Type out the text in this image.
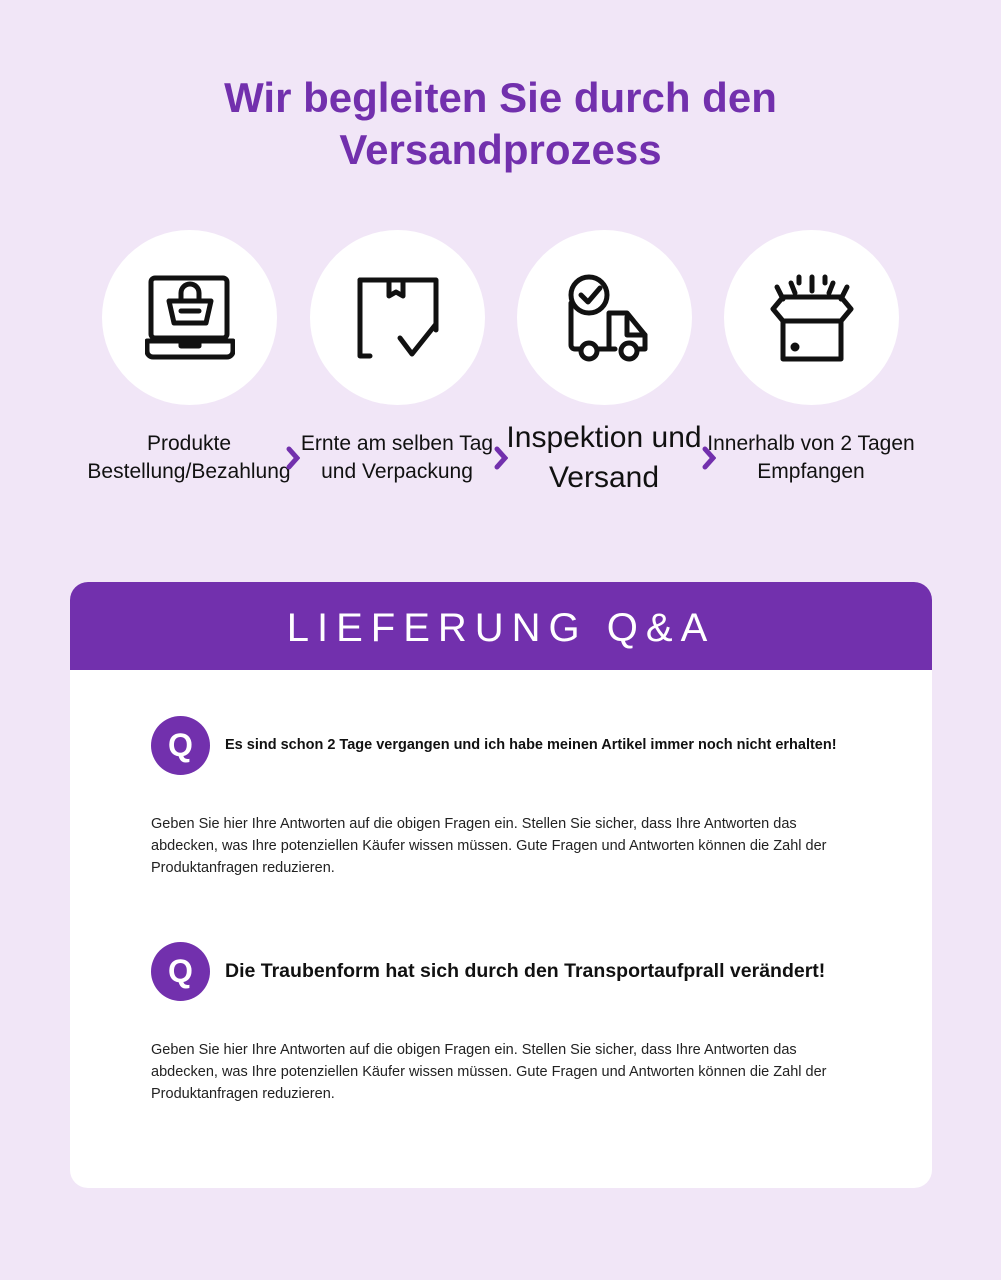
Wir begleiten Sie durch den
Versandprozess
Produkte
Bestellung/Bezahlung
Ernte am selben Tag
und Verpackung
Inspektion und
Versand
Innerhalb von 2 Tagen
Empfangen
LIEFERUNG Q&A
Q	Es sind schon 2 Tage vergangen und ich habe meinen Artikel immer noch nicht erhalten!
Geben Sie hier Ihre Antworten auf die obigen Fragen ein. Stellen Sie sicher, dass Ihre Antworten das abdecken, was Ihre potenziellen Käufer wissen müssen. Gute Fragen und Antworten können die Zahl der Produktanfragen reduzieren.
Q	Die Traubenform hat sich durch den Transportaufprall verändert!
Geben Sie hier Ihre Antworten auf die obigen Fragen ein. Stellen Sie sicher, dass Ihre Antworten das abdecken, was Ihre potenziellen Käufer wissen müssen. Gute Fragen und Antworten können die Zahl der Produktanfragen reduzieren.
